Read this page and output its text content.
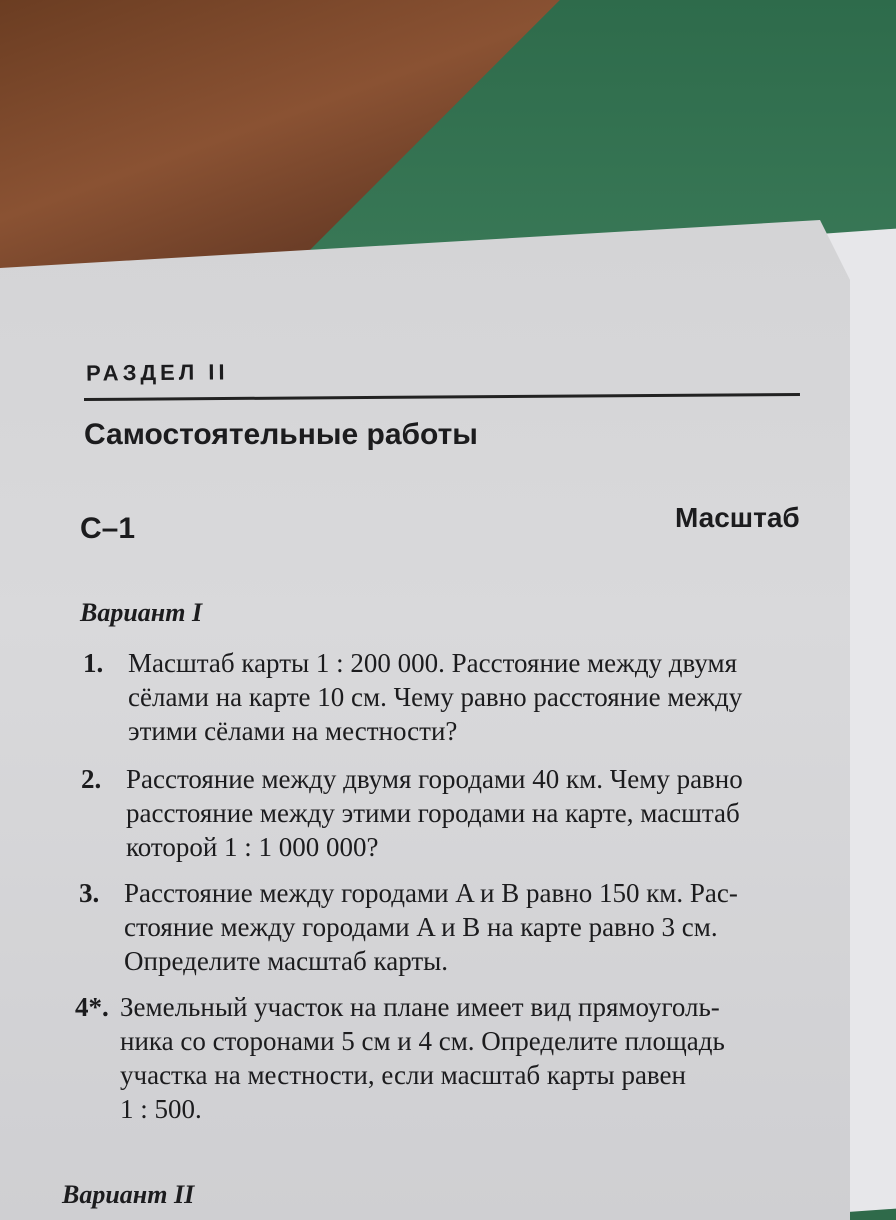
РАЗДЕЛ II
Самостоятельные работы
С–1	Масштаб
Вариант I
1. Масштаб карты 1 : 200 000. Расстояние между двумя
сёлами на карте 10 см. Чему равно расстояние между
этими сёлами на местности?
2. Расстояние между двумя городами 40 км. Чему равно
расстояние между этими городами на карте, масштаб
которой 1 : 1 000 000?
3. Расстояние между городами A и B равно 150 км. Рас-
стояние между городами A и B на карте равно 3 см.
Определите масштаб карты.
4*. Земельный участок на плане имеет вид прямоуголь-
ника со сторонами 5 см и 4 см. Определите площадь
участка на местности, если масштаб карты равен
1 : 500.
Вариант II
